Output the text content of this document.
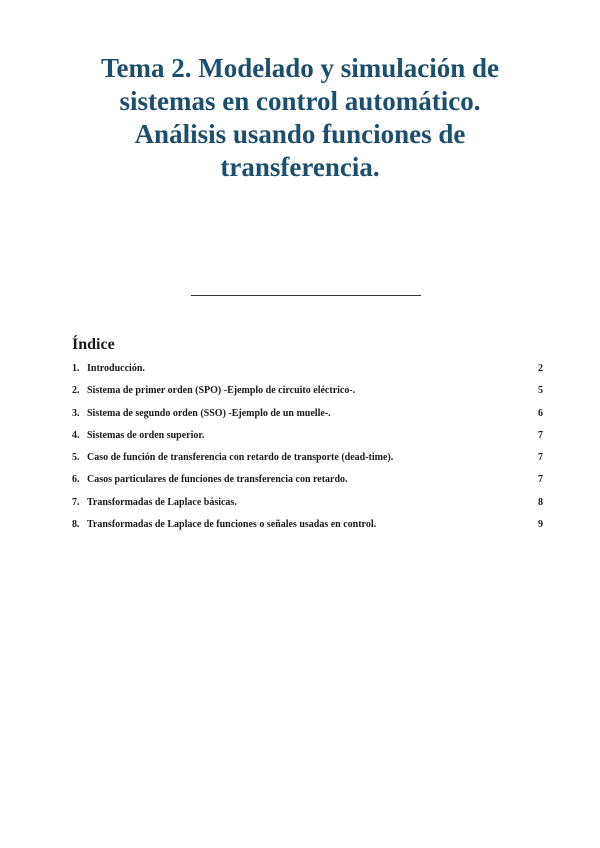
Tema 2. Modelado y simulación de
sistemas en control automático.
Análisis usando funciones de
transferencia.
Índice
1. Introducción.	2
2. Sistema de primer orden (SPO) -Ejemplo de circuito eléctrico-.	5
3. Sistema de segundo orden (SSO) -Ejemplo de un muelle-.	6
4. Sistemas de orden superior.	7
5. Caso de función de transferencia con retardo de transporte (dead-time).	7
6. Casos particulares de funciones de transferencia con retardo.	7
7. Transformadas de Laplace básicas.	8
8. Transformadas de Laplace de funciones o señales usadas en control.	9
